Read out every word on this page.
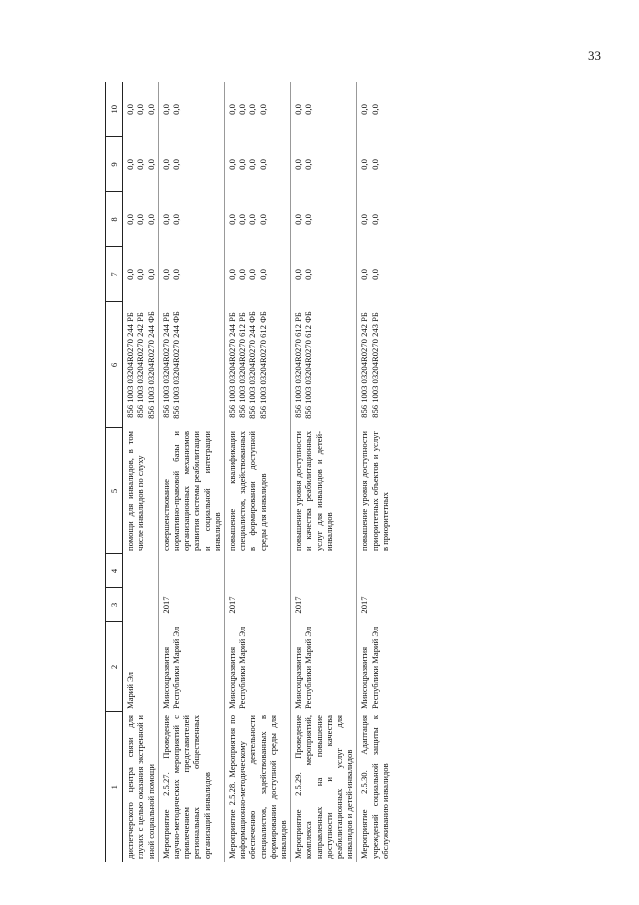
33
1	2	3	4	5	6	7	8	9	10
диспетчерского центра связи для глухих с целью оказания экстренной и иной социальной помощи	Марий Эл			помощи для инвалидов, в том числе инвалидов по слуху	856 1003 03204R0270 244 РБ 856 1003 03204R0270 242 РБ 856 1003 03204R0270 244 ФБ	0,0 0,0 0,0	0,0 0,0 0,0	0,0 0,0 0,0	0,0 0,0 0,0

Мероприятие 2.5.27. Проведение научно-методических мероприятий с привлечением представителей региональных общественных организаций инвалидов	Минсоцразвития Республики Марий Эл	2017		совершенствование нормативно-правовой базы и организационных механизмов развития системы реабилитации и социальной интеграции инвалидов	856 1003 03204R0270 244 РБ 856 1003 03204R0270 244 ФБ	0,0 0,0	0,0 0,0	0,0 0,0	0,0 0,0

Мероприятие 2.5.28. Мероприятия по информационно-методическому обеспечению деятельности специалистов, задействованных в формировании доступной среды для инвалидов	Минсоцразвития Республики Марий Эл	2017		повышение квалификации специалистов, задействованных в формировании доступной среды для инвалидов	856 1003 03204R0270 244 РБ 856 1003 03204R0270 612 РБ 856 1003 03204R0270 244 ФБ 856 1003 03204R0270 612 ФБ	0,0 0,0 0,0 0,0	0,0 0,0 0,0 0,0	0,0 0,0 0,0 0,0	0,0 0,0 0,0 0,0

Мероприятие 2.5.29. Проведение комплекса мероприятий, направленных на повышение доступности и качества реабилитационных услуг для инвалидов и детей-инвалидов	Минсоцразвития Республики Марий Эл	2017		повышение уровня доступности и качества реабилитационных услуг для инвалидов и детей-инвалидов	856 1003 03204R0270 612 РБ 856 1003 03204R0270 612 ФБ	0,0 0,0	0,0 0,0	0,0 0,0	0,0 0,0

Мероприятие 2.5.30. Адаптация учреждений социальной защиты к обслуживанию инвалидов	Минсоцразвития Республики Марий Эл	2017		повышение уровня доступности приоритетных объектов и услуг в приоритетных	856 1003 03204R0270 242 РБ 856 1003 03204R0270 243 РБ	0,0 0,0	0,0 0,0	0,0 0,0	0,0 0,0
